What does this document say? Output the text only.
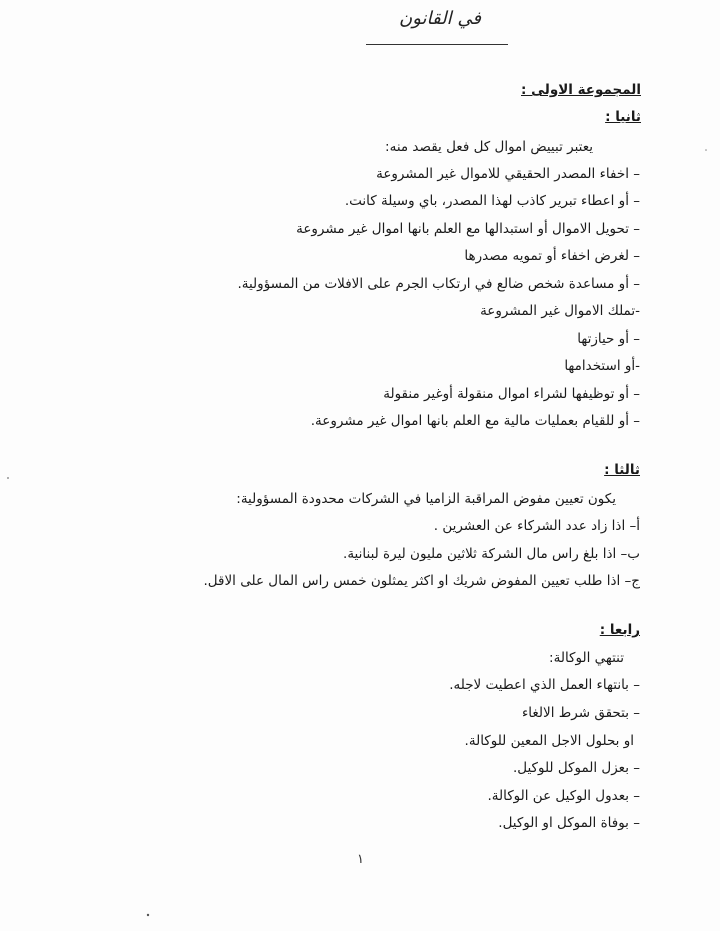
في القانون
المجموعة الاولى :
ثانيا :
يعتبر تبييض اموال كل فعل يقصد منه:
– اخفاء المصدر الحقيقي للاموال غير المشروعة
– أو اعطاء تبرير كاذب لهذا المصدر، باي وسيلة كانت.
– تحويل الاموال أو استبدالها مع العلم بانها اموال غير مشروعة
– لغرض اخفاء أو تمويه مصدرها
– أو مساعدة شخص ضالع في ارتكاب الجرم على الافلات من المسؤولية.
-تملك الاموال غير المشروعة
– أو حيازتها
-أو استخدامها
– أو توظيفها لشراء اموال منقولة أوغير منقولة
– أو للقيام بعمليات مالية مع العلم بانها اموال غير مشروعة.
ثالثا :
يكون تعيين مفوض المراقبة الزاميا في الشركات محدودة المسؤولية:
أ– اذا زاد عدد الشركاء عن العشرين .
ب– اذا بلغ راس مال الشركة ثلاثين مليون ليرة لبنانية.
ج– اذا طلب تعيين المفوض شريك او اكثر يمثلون خمس راس المال على الاقل.
رابعا :
تنتهي الوكالة:
– بانتهاء العمل الذي اعطيت لاجله.
– بتحقق شرط الالغاء
او بحلول الاجل المعين للوكالة.
– بعزل الموكل للوكيل.
– بعدول الوكيل عن الوكالة.
– بوفاة الموكل او الوكيل.
١
